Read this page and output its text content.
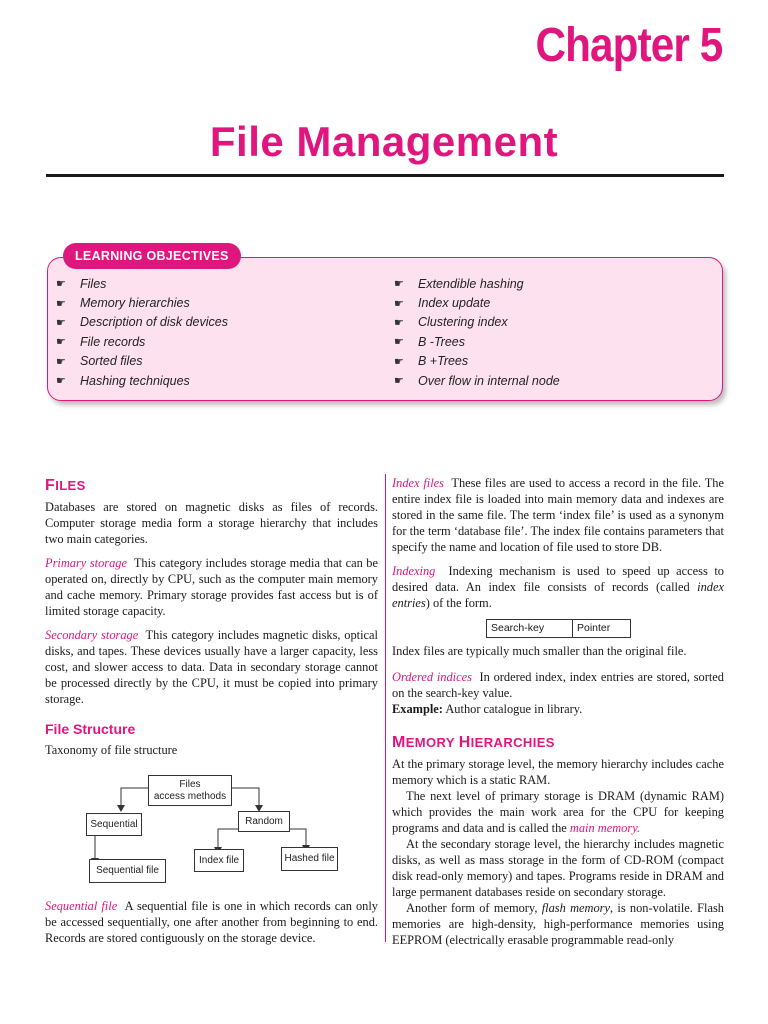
Chapter 5
File Management
LEARNING OBJECTIVES
☛	Files
☛	Memory hierarchies
☛	Description of disk devices
☛	File records
☛	Sorted files
☛	Hashing techniques
☛	Extendible hashing
☛	Index update
☛	Clustering index
☛	B -Trees
☛	B +Trees
☛	Over flow in internal node
FILES

Databases are stored on magnetic disks as files of records. Computer storage media form a storage hierarchy that includes two main categories.

Primary storage This category includes storage media that can be operated on, directly by CPU, such as the computer main memory and cache memory. Primary storage provides fast access but is of limited storage capacity.

Secondary storage This category includes magnetic disks, optical disks, and tapes. These devices usually have a larger capacity, less cost, and slower access to data. Data in secondary storage cannot be processed directly by the CPU, it must be copied into primary storage.

File Structure

Taxonomy of file structure

Files
access methods
Sequential	Random
Sequential file
Index file	Hashed file

Sequential file A sequential file is one in which records can only be accessed sequentially, one after another from beginning to end. Records are stored contiguously on the storage device.

Index files These files are used to access a record in the file. The entire index file is loaded into main memory data and indexes are stored in the same file. The term ‘index file’ is used as a synonym for the term ‘database file’. The index file contains parameters that specify the name and location of file used to store DB.

Indexing Indexing mechanism is used to speed up access to desired data. An index file consists of records (called index entries) of the form.

Search-key	Pointer

Index files are typically much smaller than the original file.

Ordered indices In ordered index, index entries are stored, sorted on the search-key value.

Example: Author catalogue in library.

MEMORY HIERARCHIES

At the primary storage level, the memory hierarchy includes cache memory which is a static RAM.

The next level of primary storage is DRAM (dynamic RAM) which provides the main work area for the CPU for keeping programs and data and is called the main memory.

At the secondary storage level, the hierarchy includes magnetic disks, as well as mass storage in the form of CD-ROM (compact disk read-only memory) and tapes. Programs reside in DRAM and large permanent databases reside on secondary storage.

Another form of memory, flash memory, is non-volatile. Flash memories are high-density, high-performance memories using EEPROM (electrically erasable programmable read-only
